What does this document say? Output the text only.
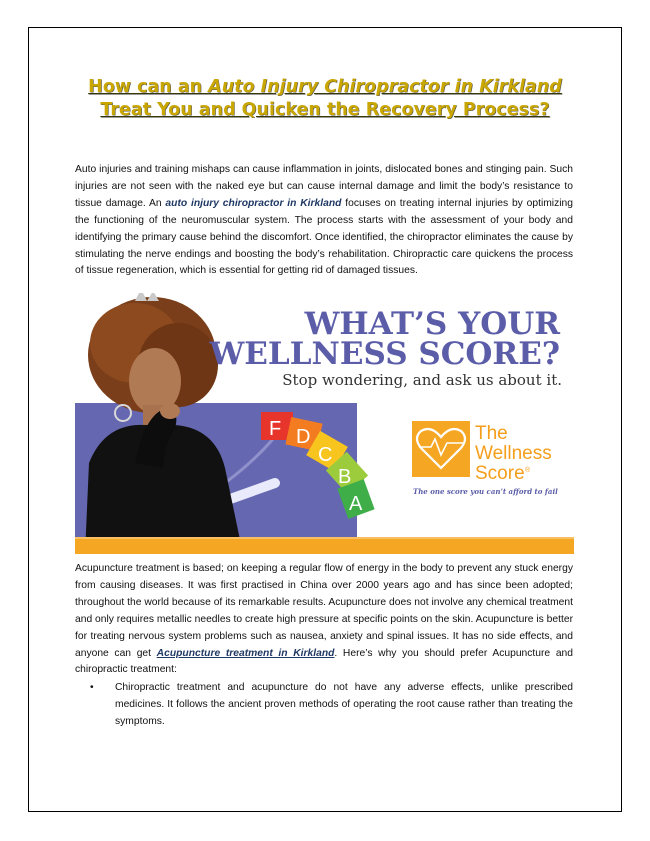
How can an Auto Injury Chiropractor in Kirkland
Treat You and Quicken the Recovery Process?

Auto injuries and training mishaps can cause inflammation in joints, dislocated bones and stinging pain. Such injuries are not seen with the naked eye but can cause internal damage and limit the body’s resistance to tissue damage. An auto injury chiropractor in Kirkland focuses on treating internal injuries by optimizing the functioning of the neuromuscular system. The process starts with the assessment of your body and identifying the primary cause behind the discomfort. Once identified, the chiropractor eliminates the cause by stimulating the nerve endings and boosting the body’s rehabilitation. Chiropractic care quickens the process of tissue regeneration, which is essential for getting rid of damaged tissues.

F D
C
B
A
WHAT’S YOUR
WELLNESS SCORE?
Stop wondering, and ask us about it.
The
Wellness
Score ®
The one score you can’t afford to fail

Acupuncture treatment is based; on keeping a regular flow of energy in the body to prevent any stuck energy from causing diseases. It was first practised in China over 2000 years ago and has since been adopted; throughout the world because of its remarkable results. Acupuncture does not involve any chemical treatment and only requires metallic needles to create high pressure at specific points on the skin. Acupuncture is better for treating nervous system problems such as nausea, anxiety and spinal issues. It has no side effects, and anyone can get Acupuncture treatment in Kirkland. Here’s why you should prefer Acupuncture and chiropractic treatment:

• Chiropractic treatment and acupuncture do not have any adverse effects, unlike prescribed medicines. It follows the ancient proven methods of operating the root cause rather than treating the symptoms.
